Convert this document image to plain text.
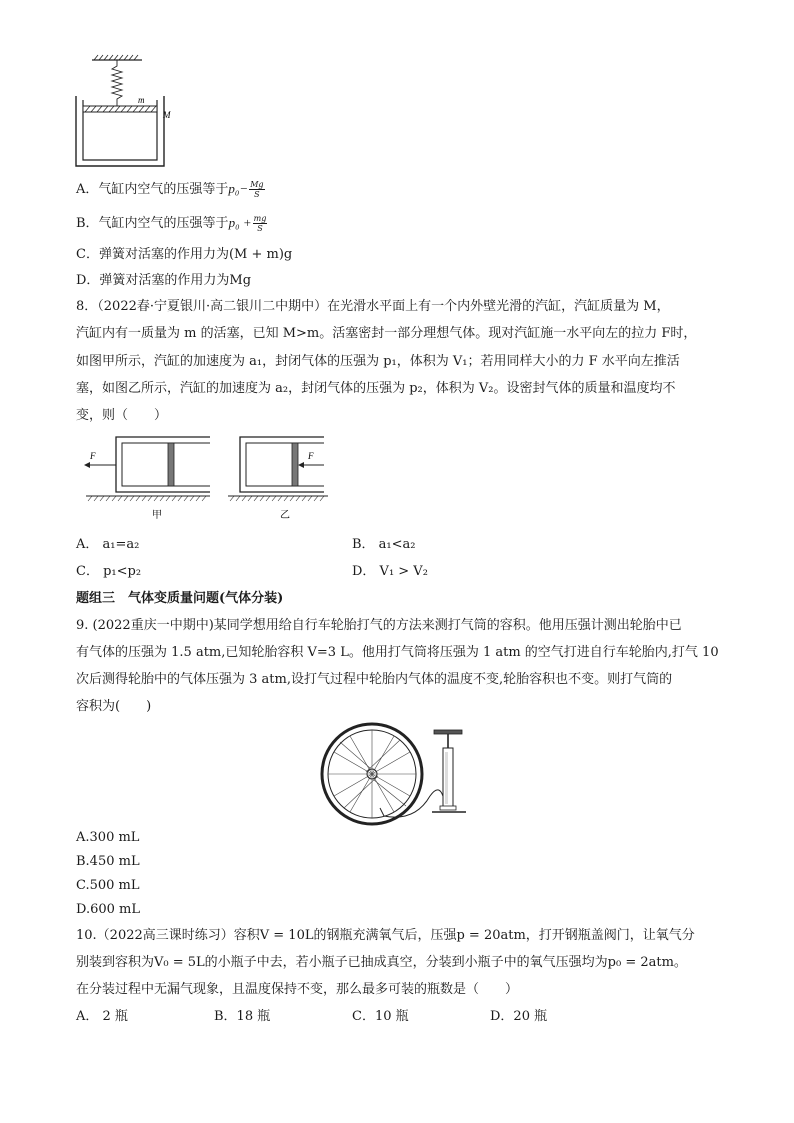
m
M
A．气缸内空气的压强等于$p_0- \frac{Mg}{S}$
B．气缸内空气的压强等于$p_0 + \frac{mg}{S}$
C．弹簧对活塞的作用力为(M + m)g
D．弹簧对活塞的作用力为Mg
8．（2022春·宁夏银川·高二银川二中期中）在光滑水平面上有一个内外壁光滑的汽缸，汽缸质量为 M，
汽缸内有一质量为 m 的活塞，已知 M>m。活塞密封一部分理想气体。现对汽缸施一水平向左的拉力 F时，
如图甲所示，汽缸的加速度为 a₁，封闭气体的压强为 p₁，体积为 V₁；若用同样大小的力 F 水平向左推活
塞，如图乙所示，汽缸的加速度为 a₂，封闭气体的压强为 p₂，体积为 V₂。设密封气体的质量和温度均不
变，则（　　）
F
甲
F
乙
A． a₁=a₂	B． a₁<a₂
C． p₁<p₂	D． V₁ > V₂
题组三　气体变质量问题(气体分装)
9. (2022重庆一中期中)某同学想用给自行车轮胎打气的方法来测打气筒的容积。他用压强计测出轮胎中已
有气体的压强为 1.5 atm,已知轮胎容积 V=3 L。他用打气筒将压强为 1 atm 的空气打进自行车轮胎内,打气 10
次后测得轮胎中的气体压强为 3 atm,设打气过程中轮胎内气体的温度不变,轮胎容积也不变。则打气筒的
容积为(　　)
A.300 mL
B.450 mL
C.500 mL
D.600 mL
10.（2022高三课时练习）容积V = 10L的钢瓶充满氧气后，压强p = 20atm，打开钢瓶盖阀门，让氧气分
别装到容积为V₀ = 5L的小瓶子中去，若小瓶子已抽成真空，分装到小瓶子中的氧气压强均为p₀ = 2atm。
在分装过程中无漏气现象，且温度保持不变，那么最多可装的瓶数是（　　）
A． 2 瓶	B．18 瓶	C．10 瓶	D．20 瓶
